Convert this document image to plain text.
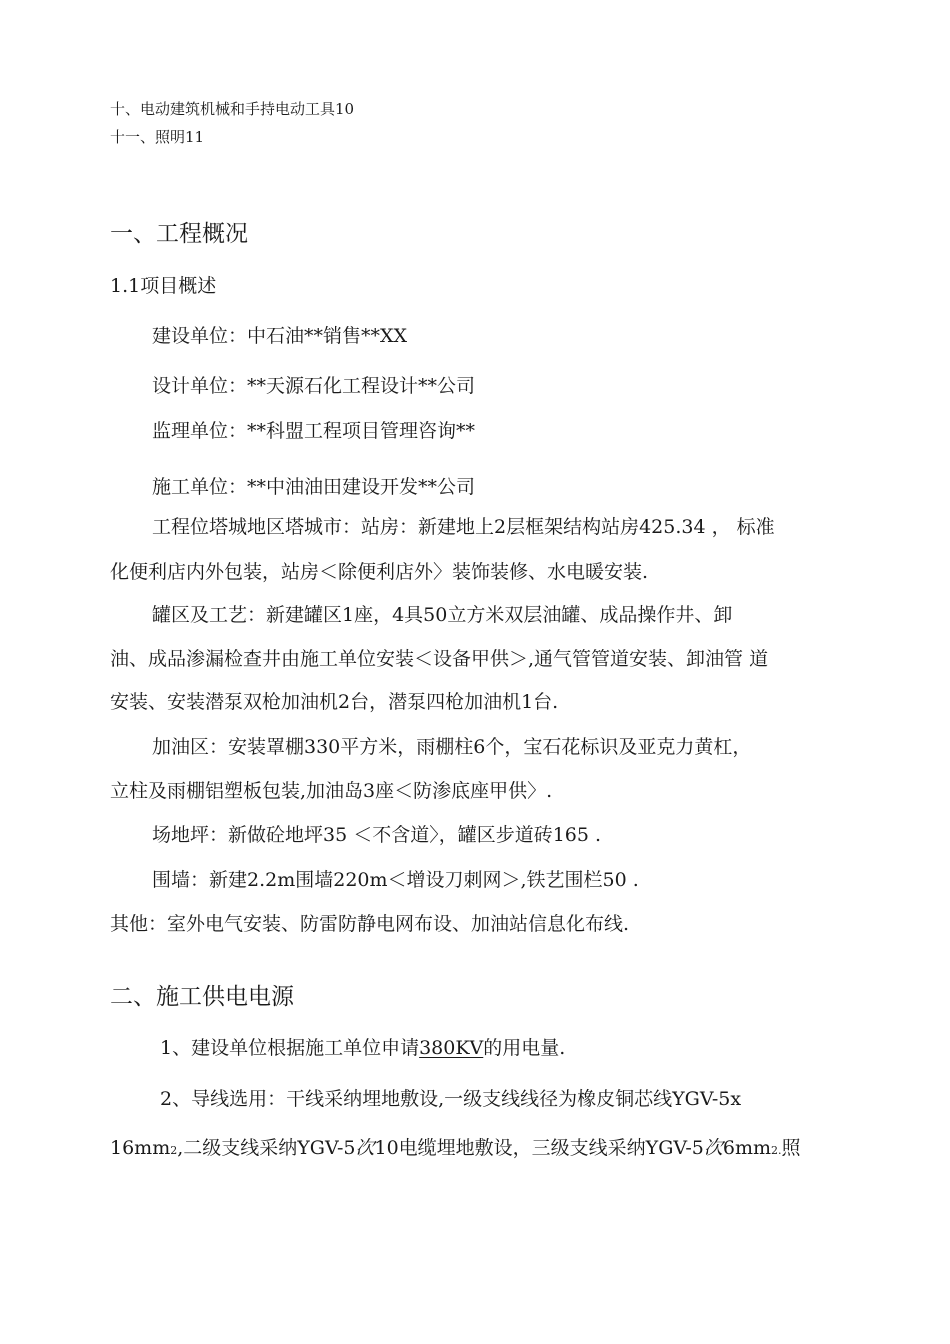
十、电动建筑机械和手持电动工具10
十一、照明11
一、工程概况
1.1项目概述
建设单位：中石油**销售**XX
设计单位：**天源石化工程设计**公司
监理单位：**科盟工程项目管理咨询**
施工单位：**中油油田建设开发**公司
工程位塔城地区塔城市：站房：新建地上2层框架结构站房425.34 ， 标准
化便利店内外包装，站房＜除便利店外〉装饰装修、水电暖安装.
罐区及工艺：新建罐区1座，4具50立方米双层油罐、成品操作井、卸
油、成品渗漏检查井由施工单位安装＜设备甲供＞,通气管管道安装、卸油管 道
安装、安装潜泵双枪加油机2台，潜泵四枪加油机1台.
加油区：安装罩棚330平方米，雨棚柱6个，宝石花标识及亚克力黄杠，
立柱及雨棚铝塑板包装,加油岛3座＜防渗底座甲供〉.
场地坪：新做砼地坪35 ＜不含道〉，罐区步道砖165 .
围墙：新建2.2m围墙220m＜增设刀刺网＞,铁艺围栏50 .
其他：室外电气安装、防雷防静电网布设、加油站信息化布线.
二、施工供电电源
1、建设单位根据施工单位申请380KV的用电量.
2、导线选用：干线采纳埋地敷设,一级支线线径为橡皮铜芯线YGV-5x
16mm2,二级支线采纳YGV-5次10电缆埋地敷设，三级支线采纳YGV-5次6mm2.照
